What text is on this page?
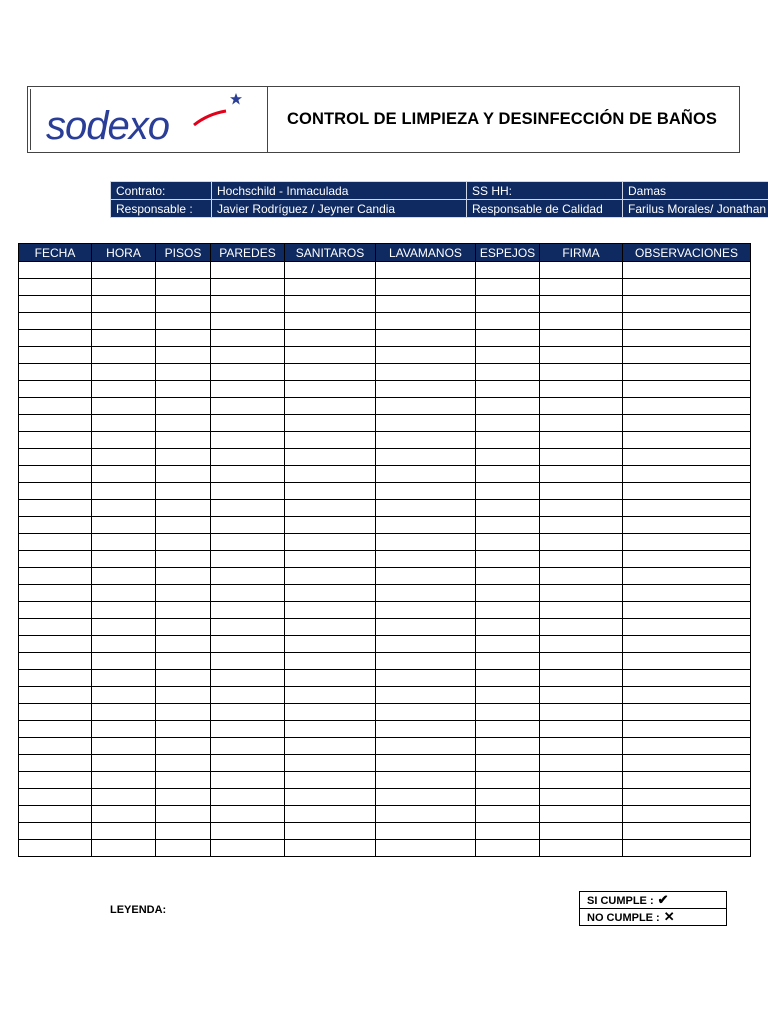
sodexo	CONTROL DE LIMPIEZA Y DESINFECCIÓN DE BAÑOS
Contrato:	Hochschild - Inmaculada	SS HH:	Damas
Responsable :	Javier Rodríguez / Jeyner Candia	Responsable de Calidad	Farilus Morales/ Jonathan
FECHA	HORA	PISOS	PAREDES	SANITAROS	LAVAMANOS	ESPEJOS	FIRMA	OBSERVACIONES

LEYENDA:
SI CUMPLE : ✔
NO CUMPLE : ✕
